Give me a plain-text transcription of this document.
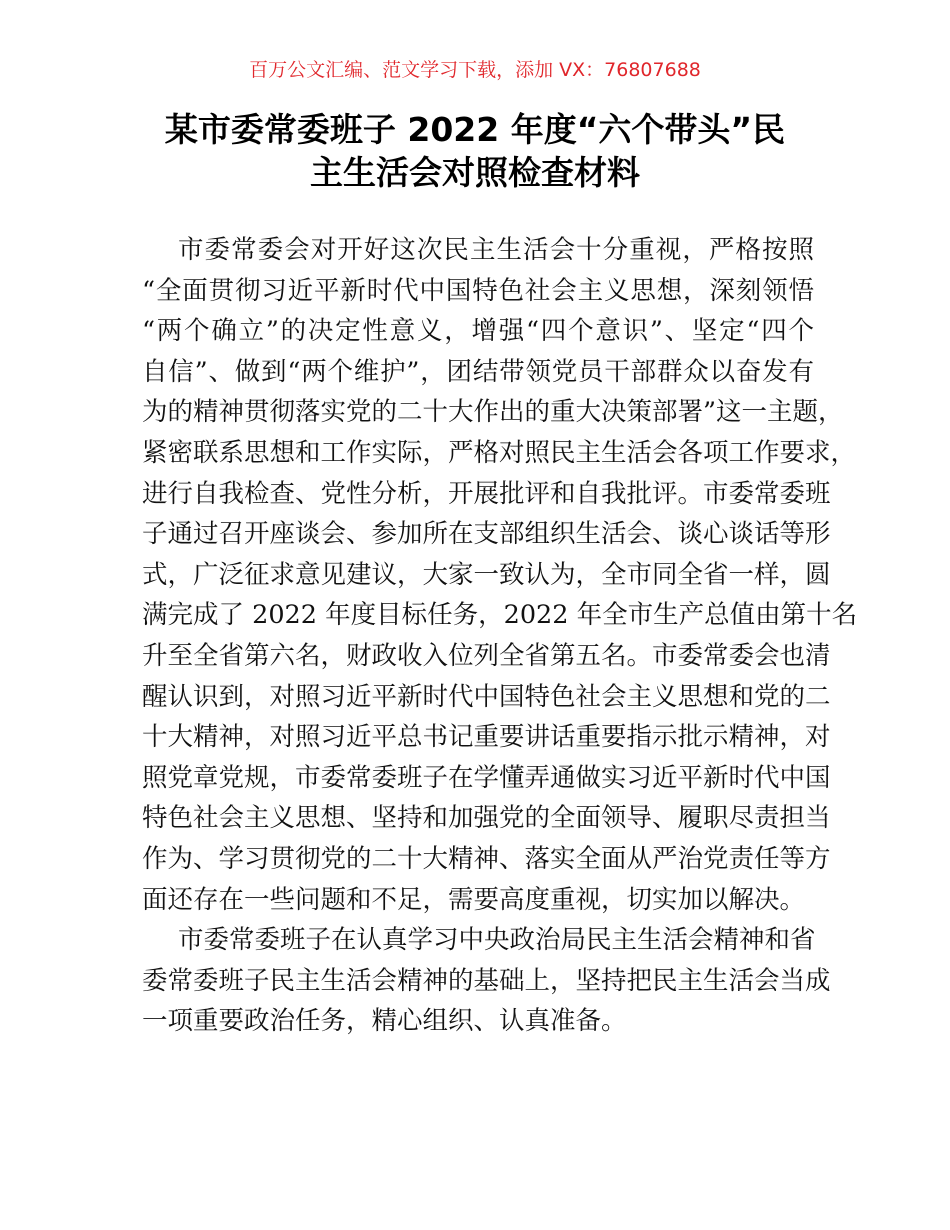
百万公文汇编、范文学习下载，添加 VX：76807688
某市委常委班子 2022 年度“六个带头”民
主生活会对照检查材料
市委常委会对开好这次民主生活会十分重视，严格按照
“全面贯彻习近平新时代中国特色社会主义思想，深刻领悟
“两个确立”的决定性意义，增强“四个意识”、坚定“四个
自信”、做到“两个维护”，团结带领党员干部群众以奋发有
为的精神贯彻落实党的二十大作出的重大决策部署”这一主题，
紧密联系思想和工作实际，严格对照民主生活会各项工作要求，
进行自我检查、党性分析，开展批评和自我批评。市委常委班
子通过召开座谈会、参加所在支部组织生活会、谈心谈话等形
式，广泛征求意见建议，大家一致认为，全市同全省一样，圆
满完成了 2022 年度目标任务，2022 年全市生产总值由第十名
升至全省第六名，财政收入位列全省第五名。市委常委会也清
醒认识到，对照习近平新时代中国特色社会主义思想和党的二
十大精神，对照习近平总书记重要讲话重要指示批示精神，对
照党章党规，市委常委班子在学懂弄通做实习近平新时代中国
特色社会主义思想、坚持和加强党的全面领导、履职尽责担当
作为、学习贯彻党的二十大精神、落实全面从严治党责任等方
面还存在一些问题和不足，需要高度重视，切实加以解决。
市委常委班子在认真学习中央政治局民主生活会精神和省
委常委班子民主生活会精神的基础上，坚持把民主生活会当成
一项重要政治任务，精心组织、认真准备。
